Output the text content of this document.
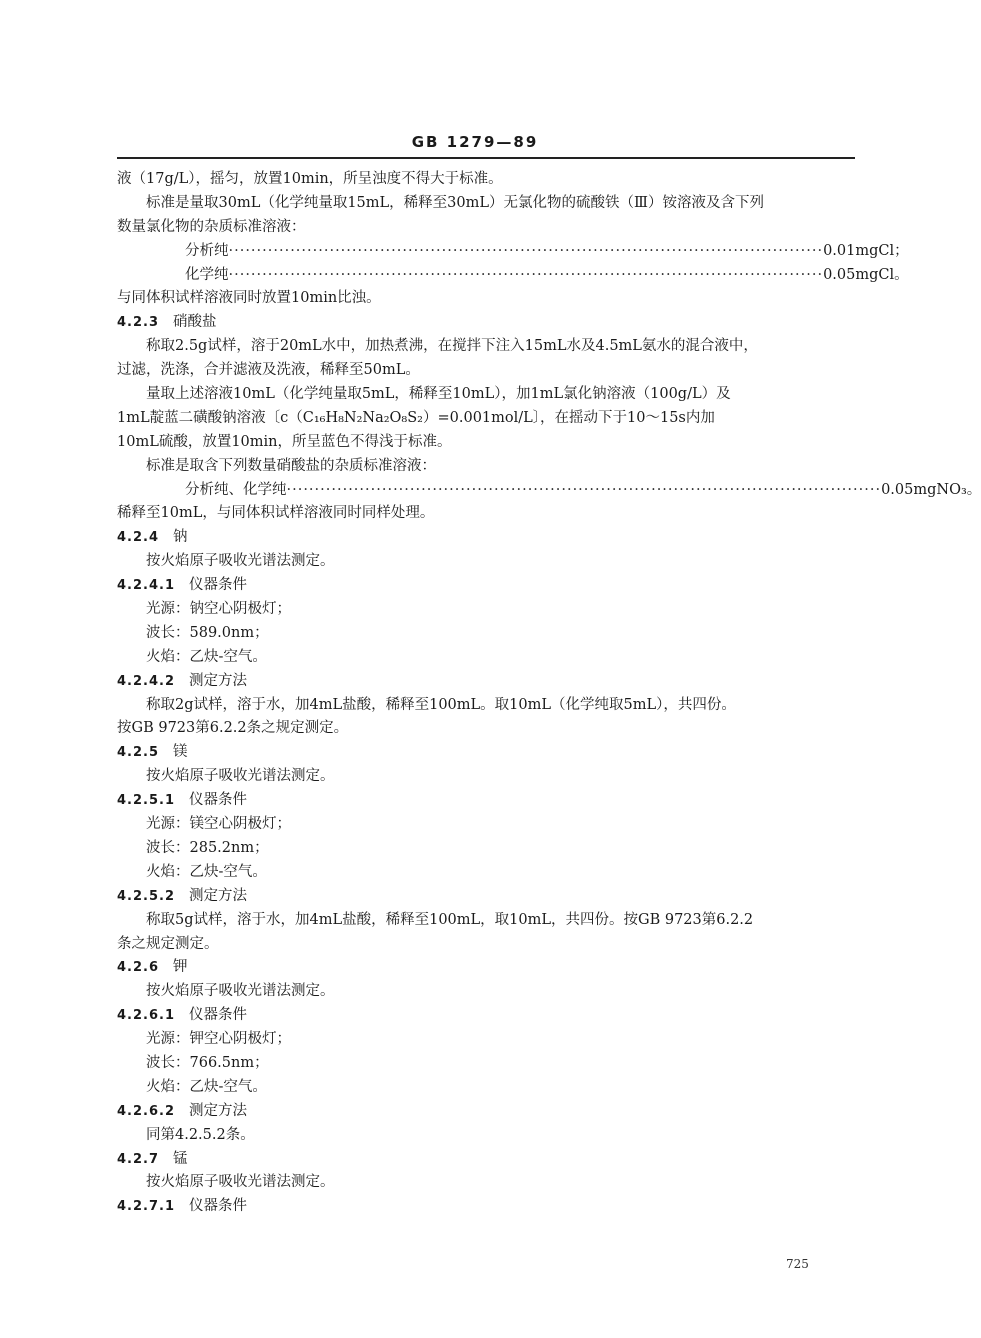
GB 1279—89
液（17g/L），摇匀，放置10min，所呈浊度不得大于标准。
标准是量取30mL（化学纯量取15mL，稀释至30mL）无氯化物的硫酸铁（Ⅲ）铵溶液及含下列
数量氯化物的杂质标准溶液：
分析纯 ·········································································································· 0.01mgCl；
化学纯 ·········································································································· 0.05mgCl。
与同体积试样溶液同时放置10min比浊。
4.2.3 硝酸盐
称取2.5g试样，溶于20mL水中，加热煮沸，在搅拌下注入15mL水及4.5mL氨水的混合液中，
过滤，洗涤，合并滤液及洗液，稀释至50mL。
量取上述溶液10mL（化学纯量取5mL，稀释至10mL），加1mL氯化钠溶液（100g/L）及
1mL靛蓝二磺酸钠溶液〔c（C₁₆H₈N₂Na₂O₈S₂）=0.001mol/L〕，在摇动下于10～15s内加
10mL硫酸，放置10min，所呈蓝色不得浅于标准。
标准是取含下列数量硝酸盐的杂质标准溶液：
分析纯、化学纯 ·········································································································· 0.05mgNO₃。
稀释至10mL，与同体积试样溶液同时同样处理。
4.2.4 钠
按火焰原子吸收光谱法测定。
4.2.4.1 仪器条件
光源：钠空心阴极灯；
波长：589.0nm；
火焰：乙炔-空气。
4.2.4.2 测定方法
称取2g试样，溶于水，加4mL盐酸，稀释至100mL。取10mL（化学纯取5mL），共四份。
按GB 9723第6.2.2条之规定测定。
4.2.5 镁
按火焰原子吸收光谱法测定。
4.2.5.1 仪器条件
光源：镁空心阴极灯；
波长：285.2nm；
火焰：乙炔-空气。
4.2.5.2 测定方法
称取5g试样，溶于水，加4mL盐酸，稀释至100mL，取10mL，共四份。按GB 9723第6.2.2
条之规定测定。
4.2.6 钾
按火焰原子吸收光谱法测定。
4.2.6.1 仪器条件
光源：钾空心阴极灯；
波长：766.5nm；
火焰：乙炔-空气。
4.2.6.2 测定方法
同第4.2.5.2条。
4.2.7 锰
按火焰原子吸收光谱法测定。
4.2.7.1 仪器条件
725
